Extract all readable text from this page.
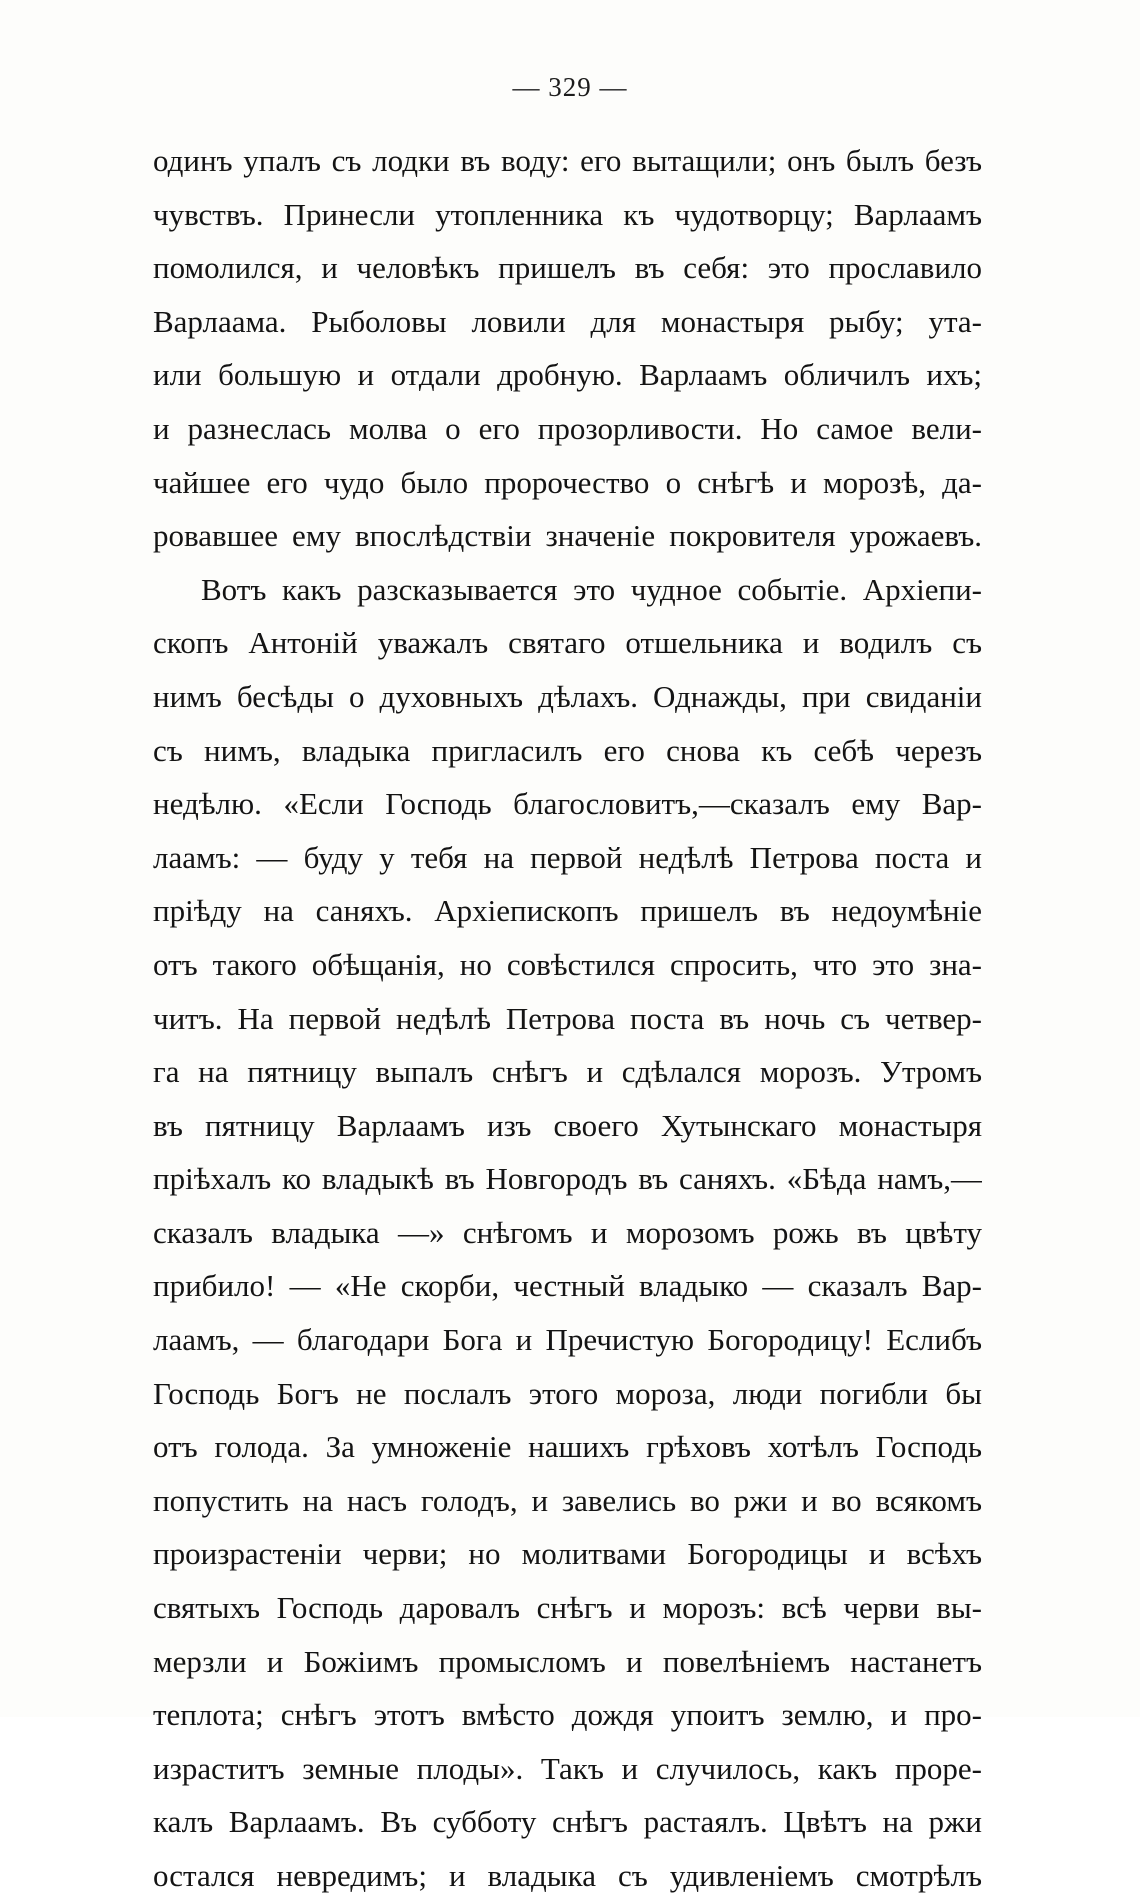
— 329 —
одинъ упалъ съ лодки въ воду: его вытащили; онъ былъ безъ
чувствъ. Принесли утопленника къ чудотворцу; Варлаамъ
помолился, и человѣкъ пришелъ въ себя: это прославило
Варлаама. Рыболовы ловили для монастыря рыбу; ута-
или большую и отдали дробную. Варлаамъ обличилъ ихъ;
и разнеслась молва о его прозорливости. Но самое вели-
чайшее его чудо было пророчество о снѣгѣ и морозѣ, да-
ровавшее ему впослѣдствіи значеніе покровителя урожаевъ.
Вотъ какъ разсказывается это чудное событіе. Архіепи-
скопъ Антоній уважалъ святаго отшельника и водилъ съ
нимъ бесѣды о духовныхъ дѣлахъ. Однажды, при свиданіи
съ нимъ, владыка пригласилъ его снова къ себѣ черезъ
недѣлю. «Если Господь благословитъ,—сказалъ ему Вар-
лаамъ: — буду у тебя на первой недѣлѣ Петрова поста и
пріѣду на саняхъ. Архіепископъ пришелъ въ недоумѣніе
отъ такого обѣщанія, но совѣстился спросить, что это зна-
читъ. На первой недѣлѣ Петрова поста въ ночь съ четвер-
га на пятницу выпалъ снѣгъ и сдѣлался морозъ. Утромъ
въ пятницу Варлаамъ изъ своего Хутынскаго монастыря
пріѣхалъ ко владыкѣ въ Новгородъ въ саняхъ. «Бѣда намъ,—
сказалъ владыка —» снѣгомъ и морозомъ рожь въ цвѣту
прибило! — «Не скорби, честный владыко — сказалъ Вар-
лаамъ, — благодари Бога и Пречистую Богородицу! Еслибъ
Господь Богъ не послалъ этого мороза, люди погибли бы
отъ голода. За умноженіе нашихъ грѣховъ хотѣлъ Господь
попустить на насъ голодъ, и завелись во ржи и во всякомъ
произрастеніи черви; но молитвами Богородицы и всѣхъ
святыхъ Господь даровалъ снѣгъ и морозъ: всѣ черви вы-
мерзли и Божіимъ промысломъ и повелѣніемъ настанетъ
теплота; снѣгъ этотъ вмѣсто дождя упоитъ землю, и про-
израститъ земные плоды». Такъ и случилось, какъ проре-
калъ Варлаамъ. Въ субботу снѣгъ растаялъ. Цвѣтъ на ржи
остался невредимъ; и владыка съ удивленіемъ смотрѣлъ
